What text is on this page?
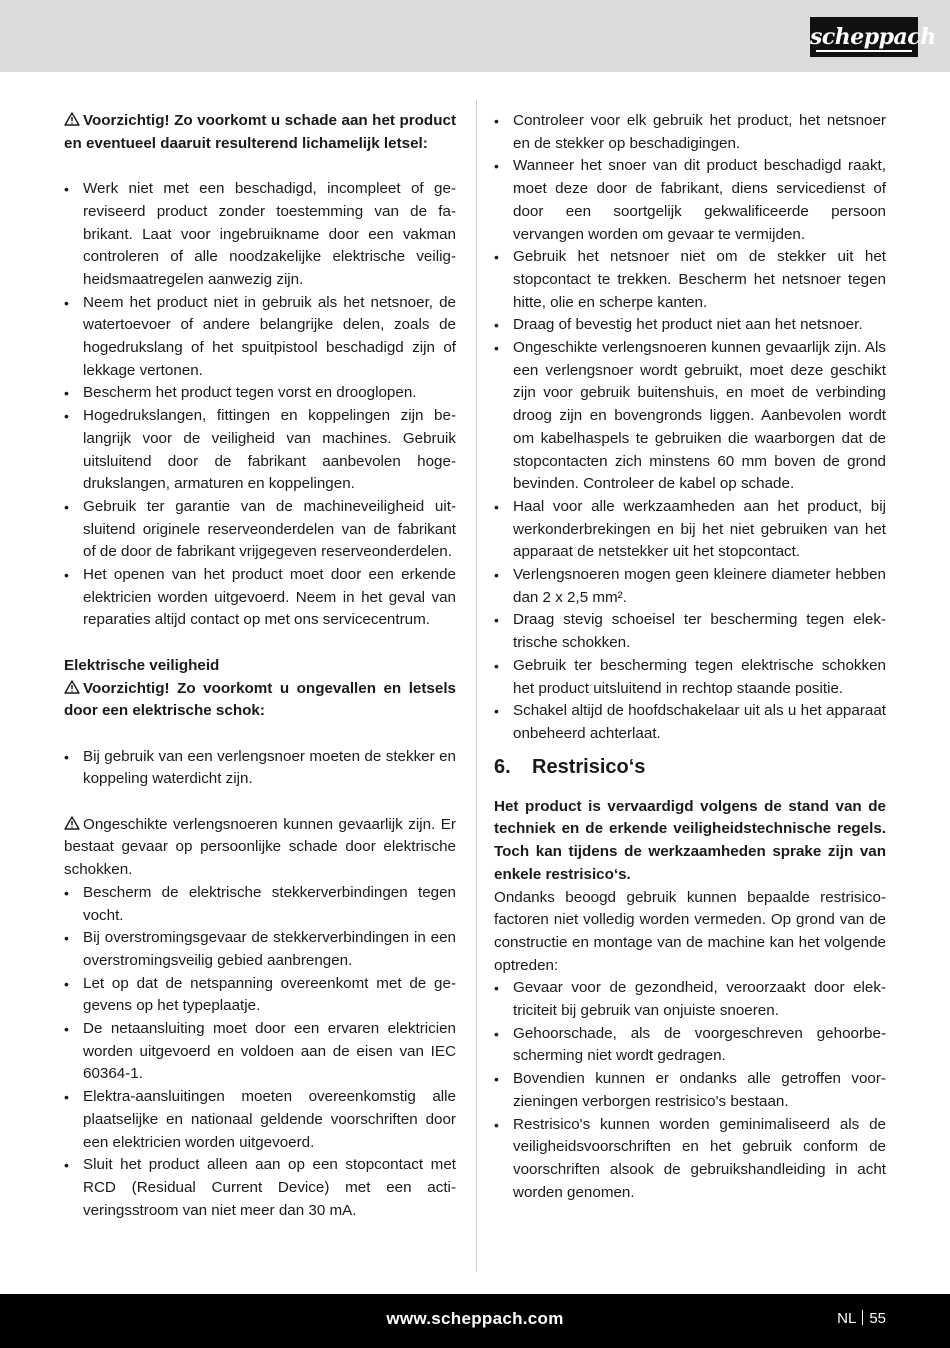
scheppach

Voorzichtig! Zo voorkomt u schade aan het product en eventueel daaruit resulterend lichamelijk letsel:

• Werk niet met een beschadigd, incompleet of gereviseerd product zonder toestemming van de fabrikant. Laat voor ingebruikname door een vakman controleren of alle noodzakelijke elektrische veiligheidsmaatregelen aanwezig zijn.
• Neem het product niet in gebruik als het netsnoer, de watertoevoer of andere belangrijke delen, zoals de hogedrukslang of het spuitpistool beschadigd zijn of lekkage vertonen.
• Bescherm het product tegen vorst en drooglopen.
• Hogedrukslangen, fittingen en koppelingen zijn belangrijk voor de veiligheid van machines. Gebruik uitsluitend door de fabrikant aanbevolen hogedrukslangen, armaturen en koppelingen.
• Gebruik ter garantie van de machineveiligheid uitsluitend originele reserveonderdelen van de fabrikant of de door de fabrikant vrijgegeven reserveonderdelen.
• Het openen van het product moet door een erkende elektricien worden uitgevoerd. Neem in het geval van reparaties altijd contact op met ons servicecentrum.

Elektrische veiligheid

Voorzichtig! Zo voorkomt u ongevallen en letsels door een elektrische schok:

• Bij gebruik van een verlengsnoer moeten de stekker en koppeling waterdicht zijn.

Ongeschikte verlengsnoeren kunnen gevaarlijk zijn. Er bestaat gevaar op persoonlijke schade door elektrische schokken.

• Bescherm de elektrische stekkerverbindingen tegen vocht.
• Bij overstromingsgevaar de stekkerverbindingen in een overstromingsveilig gebied aanbrengen.
• Let op dat de netspanning overeenkomt met de gegevens op het typeplaatje.
• De netaansluiting moet door een ervaren elektricien worden uitgevoerd en voldoen aan de eisen van IEC 60364-1.
• Elektra-aansluitingen moeten overeenkomstig alle plaatselijke en nationaal geldende voorschriften door een elektricien worden uitgevoerd.
• Sluit het product alleen aan op een stopcontact met RCD (Residual Current Device) met een activeringsstroom van niet meer dan 30 mA.
• Controleer voor elk gebruik het product, het netsnoer en de stekker op beschadigingen.
• Wanneer het snoer van dit product beschadigd raakt, moet deze door de fabrikant, diens servicedienst of door een soortgelijk gekwalificeerde persoon vervangen worden om gevaar te vermijden.
• Gebruik het netsnoer niet om de stekker uit het stopcontact te trekken. Bescherm het netsnoer tegen hitte, olie en scherpe kanten.
• Draag of bevestig het product niet aan het netsnoer.
• Ongeschikte verlengsnoeren kunnen gevaarlijk zijn. Als een verlengsnoer wordt gebruikt, moet deze geschikt zijn voor gebruik buitenshuis, en moet de verbinding droog zijn en bovengronds liggen. Aanbevolen wordt om kabelhaspels te gebruiken die waarborgen dat de stopcontacten zich minstens 60 mm boven de grond bevinden. Controleer de kabel op schade.
• Haal voor alle werkzaamheden aan het product, bij werkonderbrekingen en bij het niet gebruiken van het apparaat de netstekker uit het stopcontact.
• Verlengsnoeren mogen geen kleinere diameter hebben dan 2 x 2,5 mm².
• Draag stevig schoeisel ter bescherming tegen elektrische schokken.
• Gebruik ter bescherming tegen elektrische schokken het product uitsluitend in rechtop staande positie.
• Schakel altijd de hoofdschakelaar uit als u het apparaat onbeheerd achterlaat.
6. Restrisico‘s

Het product is vervaardigd volgens de stand van de techniek en de erkende veiligheidstechnische regels. Toch kan tijdens de werkzaamheden sprake zijn van enkele restrisico‘s.

Ondanks beoogd gebruik kunnen bepaalde restrisicofactoren niet volledig worden vermeden. Op grond van de constructie en montage van de machine kan het volgende optreden:

• Gevaar voor de gezondheid, veroorzaakt door elektriciteit bij gebruik van onjuiste snoeren.
• Gehoorschade, als de voorgeschreven gehoorbescherming niet wordt gedragen.
• Bovendien kunnen er ondanks alle getroffen voorzieningen verborgen restrisico's bestaan.
• Restrisico's kunnen worden geminimaliseerd als de veiligheidsvoorschriften en het gebruik conform de voorschriften alsook de gebruikshandleiding in acht worden genomen.
www.scheppach.com	NL 55
